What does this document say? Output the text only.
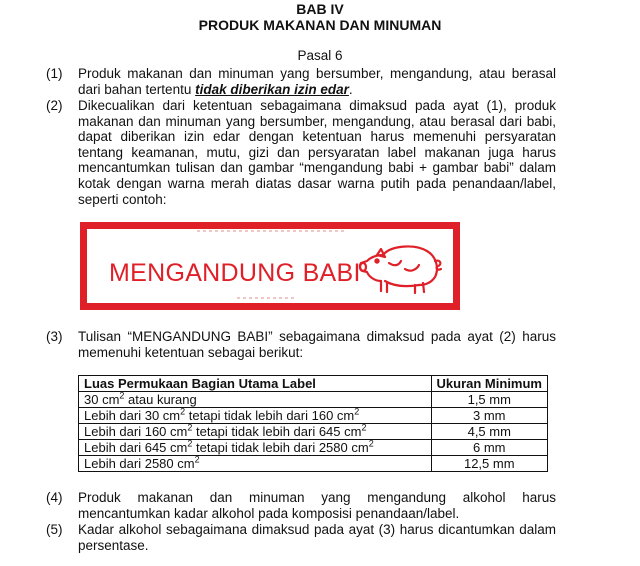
BAB IV
PRODUK MAKANAN DAN MINUMAN
Pasal 6
(1)	Produk makanan dan minuman yang bersumber, mengandung, atau berasal dari bahan tertentu tidak diberikan izin edar.
(2)	Dikecualikan dari ketentuan sebagaimana dimaksud pada ayat (1), produk makanan dan minuman yang bersumber, mengandung, atau berasal dari babi, dapat diberikan izin edar dengan ketentuan harus memenuhi persyaratan tentang keamanan, mutu, gizi dan persyaratan label makanan juga harus mencantumkan tulisan dan gambar “mengandung babi + gambar babi” dalam kotak dengan warna merah diatas dasar warna putih pada penandaan/label, seperti contoh:
MENGANDUNG BABI
(3)	Tulisan “MENGANDUNG BABI” sebagaimana dimaksud pada ayat (2) harus memenuhi ketentuan sebagai berikut:
Luas Permukaan Bagian Utama Label	Ukuran Minimum
30 $cm^2$ atau kurang	1,5 mm
Lebih dari 30 $cm^2$ tetapi tidak lebih dari 160 $cm^2$	3 mm
Lebih dari 160 $cm^2$ tetapi tidak lebih dari 645 $cm^2$	4,5 mm
Lebih dari 645 $cm^2$ tetapi tidak lebih dari 2580 $cm^2$	6 mm
Lebih dari 2580 $cm^2$	12,5 mm
(4)	Produk makanan dan minuman yang mengandung alkohol harus mencantumkan kadar alkohol pada komposisi penandaan/label.
(5)	Kadar alkohol sebagaimana dimaksud pada ayat (3) harus dicantumkan dalam persentase.
